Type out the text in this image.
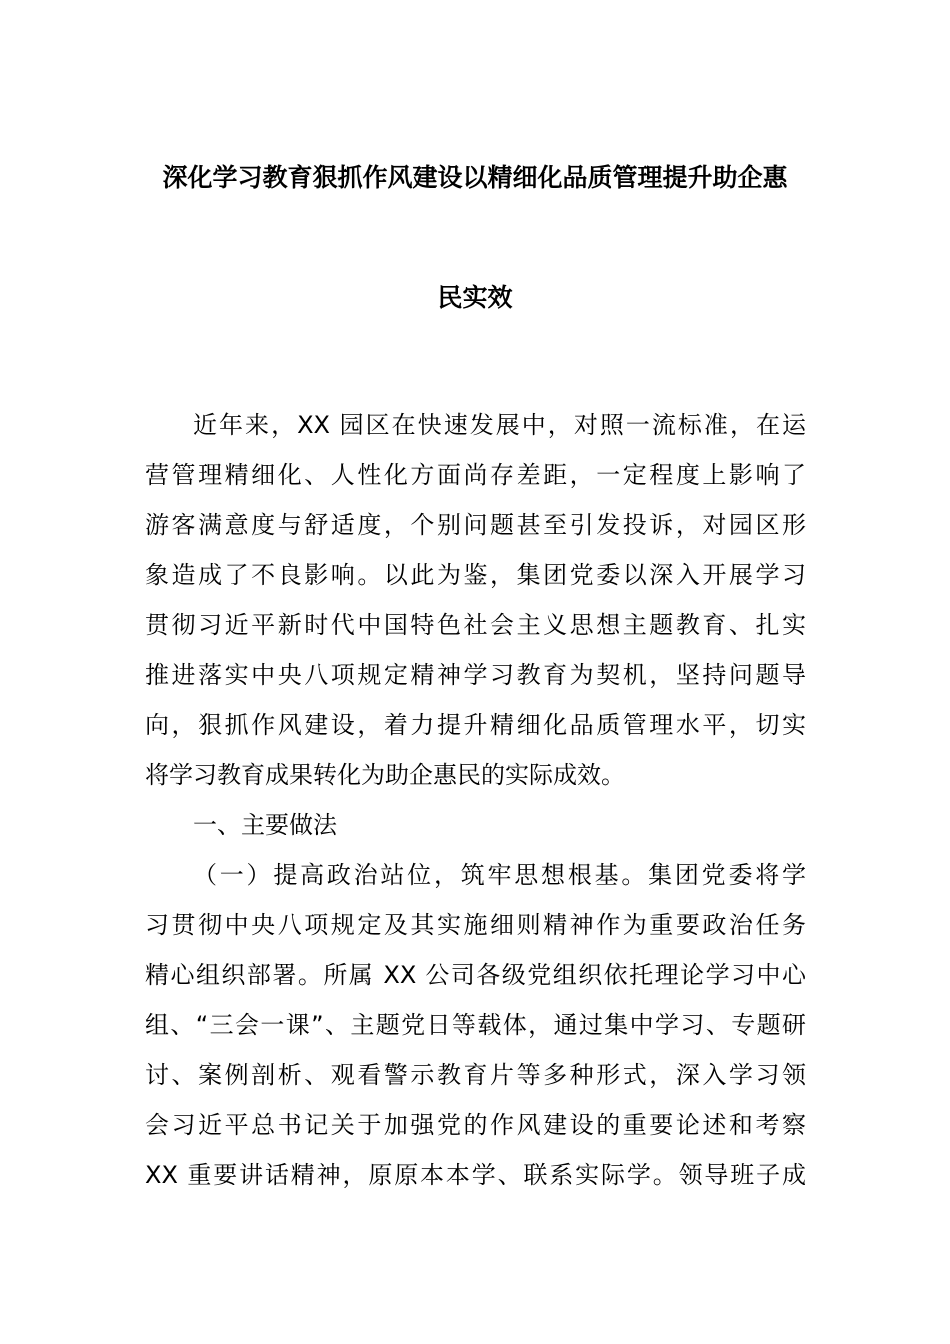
深化学习教育狠抓作风建设以精细化品质管理提升助企惠
民实效
近年来，XX 园区在快速发展中，对照一流标准，在运
营管理精细化、人性化方面尚存差距，一定程度上影响了
游客满意度与舒适度，个别问题甚至引发投诉，对园区形
象造成了不良影响。以此为鉴，集团党委以深入开展学习
贯彻习近平新时代中国特色社会主义思想主题教育、扎实
推进落实中央八项规定精神学习教育为契机，坚持问题导
向，狠抓作风建设，着力提升精细化品质管理水平，切实
将学习教育成果转化为助企惠民的实际成效。
一、主要做法
（一）提高政治站位，筑牢思想根基。集团党委将学
习贯彻中央八项规定及其实施细则精神作为重要政治任务
精心组织部署。所属 XX 公司各级党组织依托理论学习中心
组、“三会一课”、主题党日等载体，通过集中学习、专题研
讨、案例剖析、观看警示教育片等多种形式，深入学习领
会习近平总书记关于加强党的作风建设的重要论述和考察
XX 重要讲话精神，原原本本学、联系实际学。领导班子成
